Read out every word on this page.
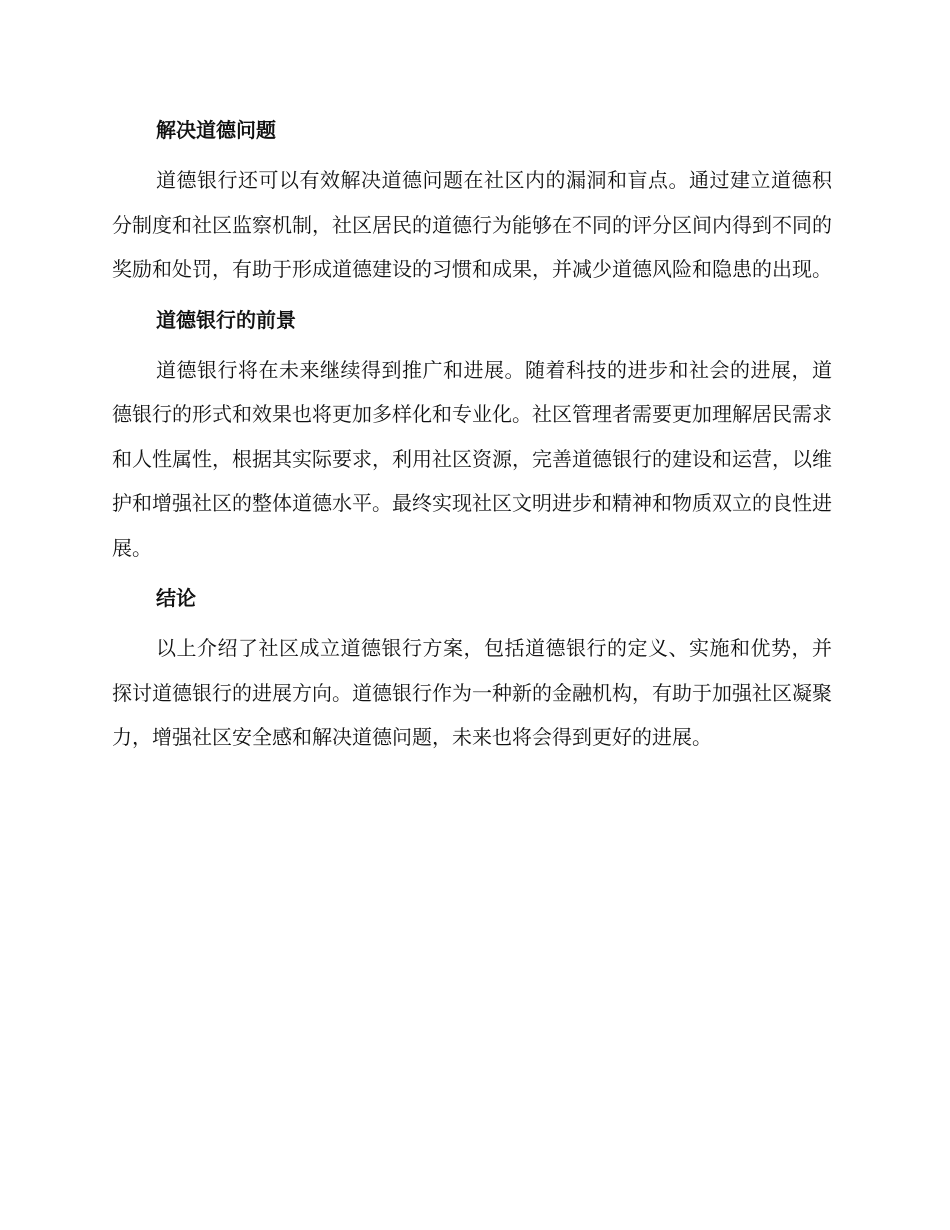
解决道德问题

道德银行还可以有效解决道德问题在社区内的漏洞和盲点。通过建立道德积分制度和社区监察机制，社区居民的道德行为能够在不同的评分区间内得到不同的奖励和处罚，有助于形成道德建设的习惯和成果，并减少道德风险和隐患的出现。

道德银行的前景

道德银行将在未来继续得到推广和进展。随着科技的进步和社会的进展，道德银行的形式和效果也将更加多样化和专业化。社区管理者需要更加理解居民需求和人性属性，根据其实际要求，利用社区资源，完善道德银行的建设和运营，以维护和增强社区的整体道德水平。最终实现社区文明进步和精神和物质双立的良性进展。

结论

以上介绍了社区成立道德银行方案，包括道德银行的定义、实施和优势，并探讨道德银行的进展方向。道德银行作为一种新的金融机构，有助于加强社区凝聚力，增强社区安全感和解决道德问题，未来也将会得到更好的进展。
